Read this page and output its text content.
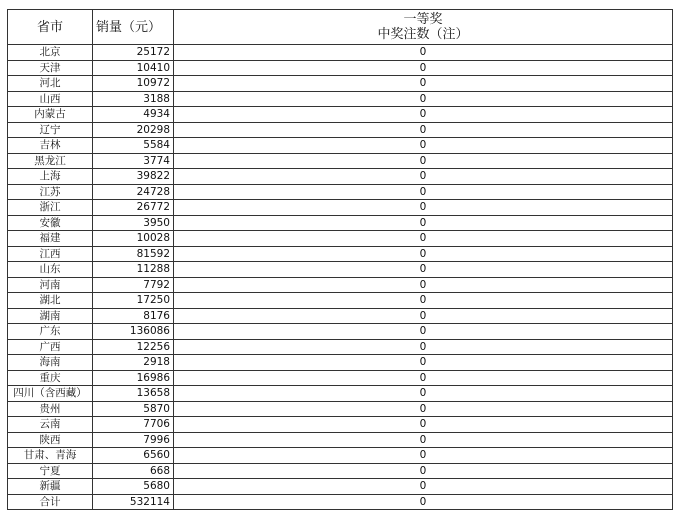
省市	销量（元）	一等奖
中奖注数（注）

北京	25172	0
天津	10410	0
河北	10972	0
山西	3188	0
内蒙古	4934	0
辽宁	20298	0
吉林	5584	0
黑龙江	3774	0
上海	39822	0
江苏	24728	0
浙江	26772	0
安徽	3950	0
福建	10028	0
江西	81592	0
山东	11288	0
河南	7792	0
湖北	17250	0
湖南	8176	0
广东	136086	0
广西	12256	0
海南	2918	0
重庆	16986	0
四川（含西藏）	13658	0
贵州	5870	0
云南	7706	0
陕西	7996	0
甘肃、青海	6560	0
宁夏	668	0
新疆	5680	0
合计	532114	0
